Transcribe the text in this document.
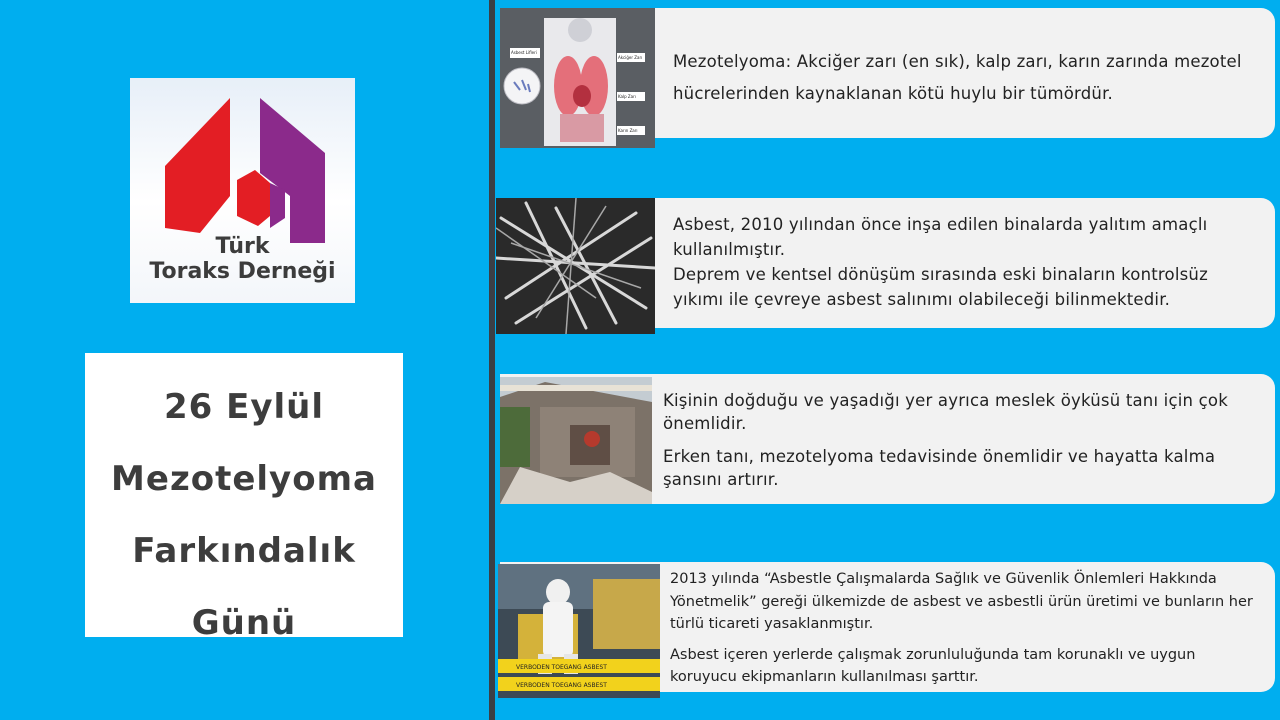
Türk
Toraks Derneği
26 Eylül
Mezotelyoma
Farkındalık
Günü

Mezotelyoma: Akciğer zarı (en sık), kalp zarı, karın zarında mezotel hücrelerinden kaynaklanan kötü huylu bir tümördür.

Asbest, 2010 yılından önce inşa edilen binalarda yalıtım amaçlı kullanılmıştır.

Deprem ve kentsel dönüşüm sırasında eski binaların kontrolsüz yıkımı ile çevreye asbest salınımı olabileceği bilinmektedir.

Kişinin doğduğu ve yaşadığı yer ayrıca meslek öyküsü tanı için çok önemlidir.

Erken tanı, mezotelyoma tedavisinde önemlidir ve hayatta kalma şansını artırır.

VERBODEN TOEGANG ASBEST
VERBODEN TOEGANG ASBEST

2013 yılında “Asbestle Çalışmalarda Sağlık ve Güvenlik Önlemleri Hakkında Yönetmelik” gereği ülkemizde de asbest ve asbestli ürün üretimi ve bunların her türlü ticareti yasaklanmıştır.

Asbest içeren yerlerde çalışmak zorunluluğunda tam korunaklı ve uygun koruyucu ekipmanların kullanılması şarttır.

Asbest Lifleri
Akciğer Zarı
Kalp Zarı
Karın Zarı
